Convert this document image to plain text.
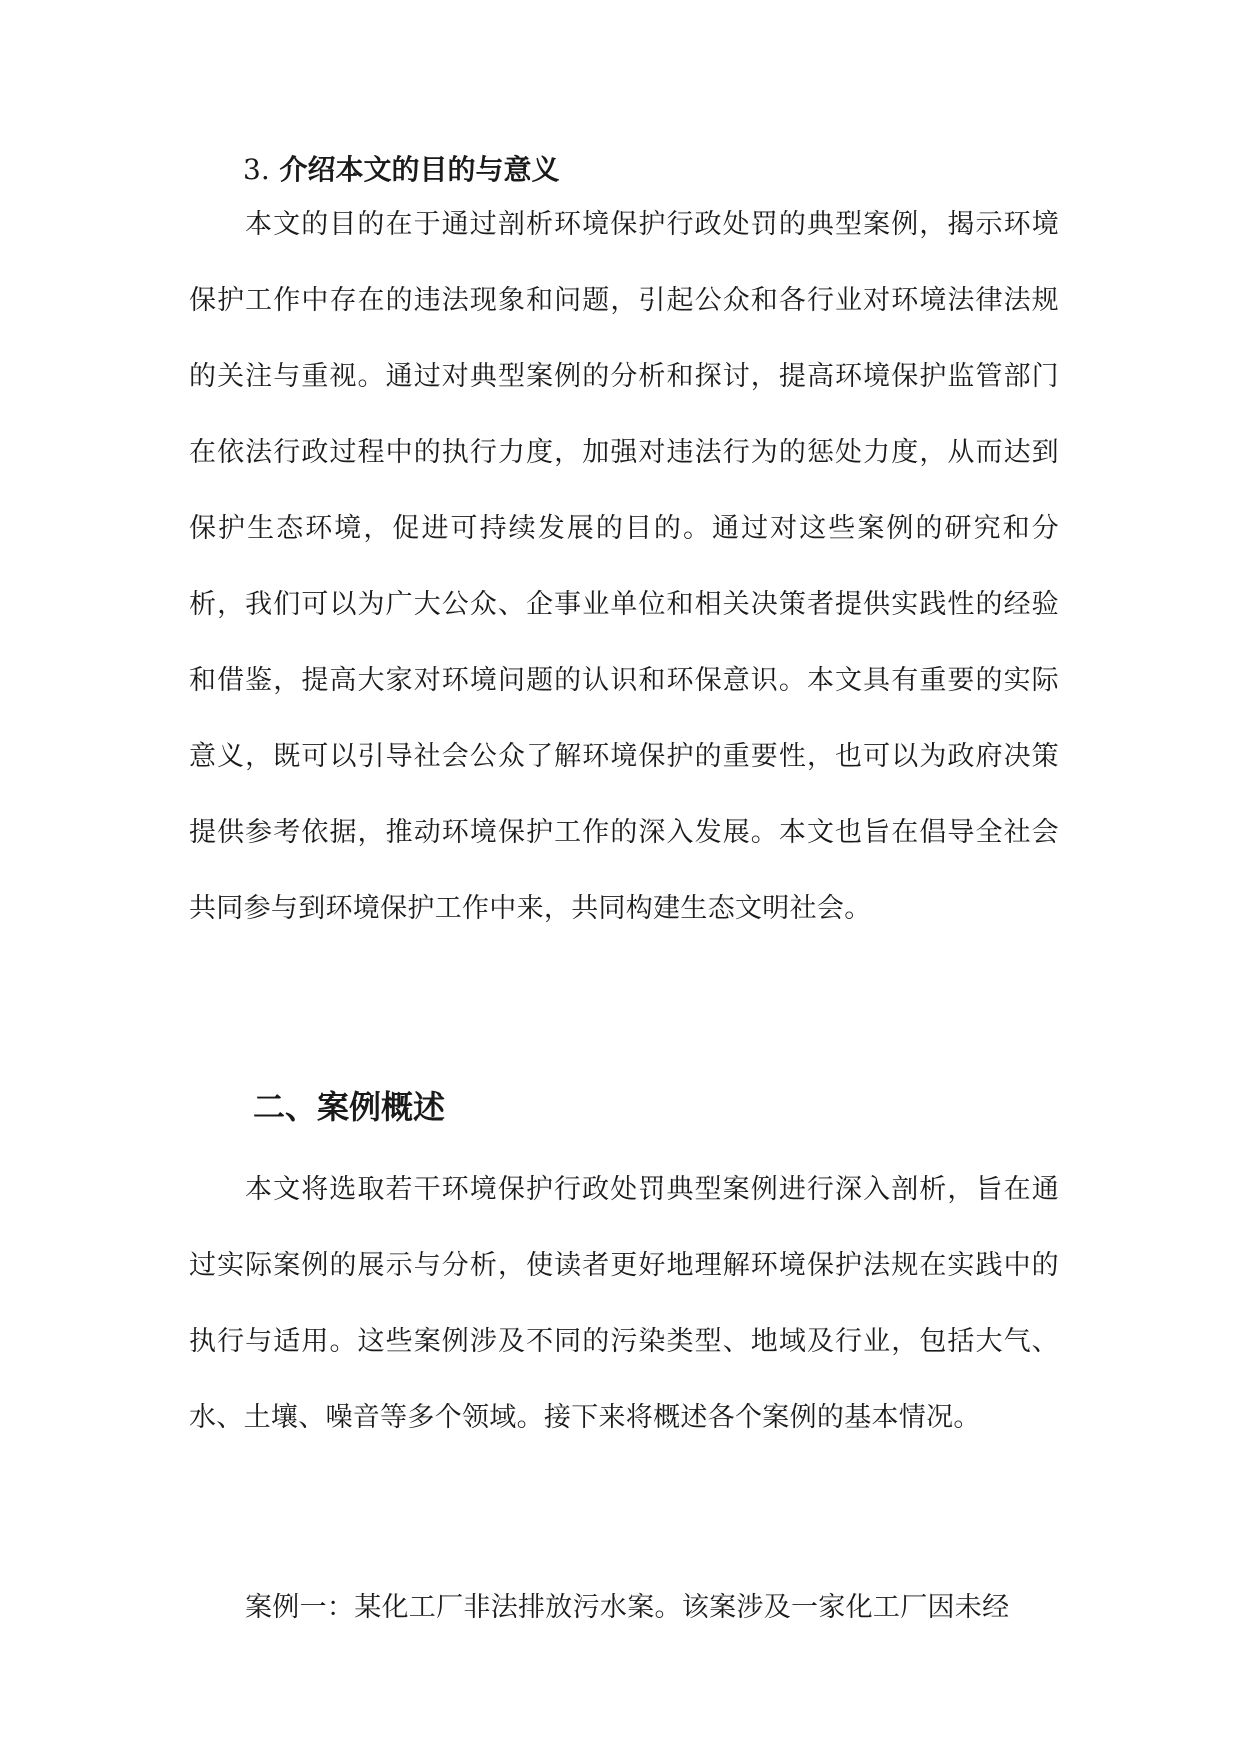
3. 介绍本文的目的与意义
本文的目的在于通过剖析环境保护行政处罚的典型案例，揭示环境保护工作中存在的违法现象和问题，引起公众和各行业对环境法律法规的关注与重视。通过对典型案例的分析和探讨，提高环境保护监管部门在依法行政过程中的执行力度，加强对违法行为的惩处力度，从而达到保护生态环境，促进可持续发展的目的。通过对这些案例的研究和分析，我们可以为广大公众、企事业单位和相关决策者提供实践性的经验和借鉴，提高大家对环境问题的认识和环保意识。本文具有重要的实际意义，既可以引导社会公众了解环境保护的重要性，也可以为政府决策提供参考依据，推动环境保护工作的深入发展。本文也旨在倡导全社会共同参与到环境保护工作中来，共同构建生态文明社会。
二、案例概述
本文将选取若干环境保护行政处罚典型案例进行深入剖析，旨在通过实际案例的展示与分析，使读者更好地理解环境保护法规在实践中的执行与适用。这些案例涉及不同的污染类型、地域及行业，包括大气、水、土壤、噪音等多个领域。接下来将概述各个案例的基本情况。
案例一：某化工厂非法排放污水案。该案涉及一家化工厂因未经
